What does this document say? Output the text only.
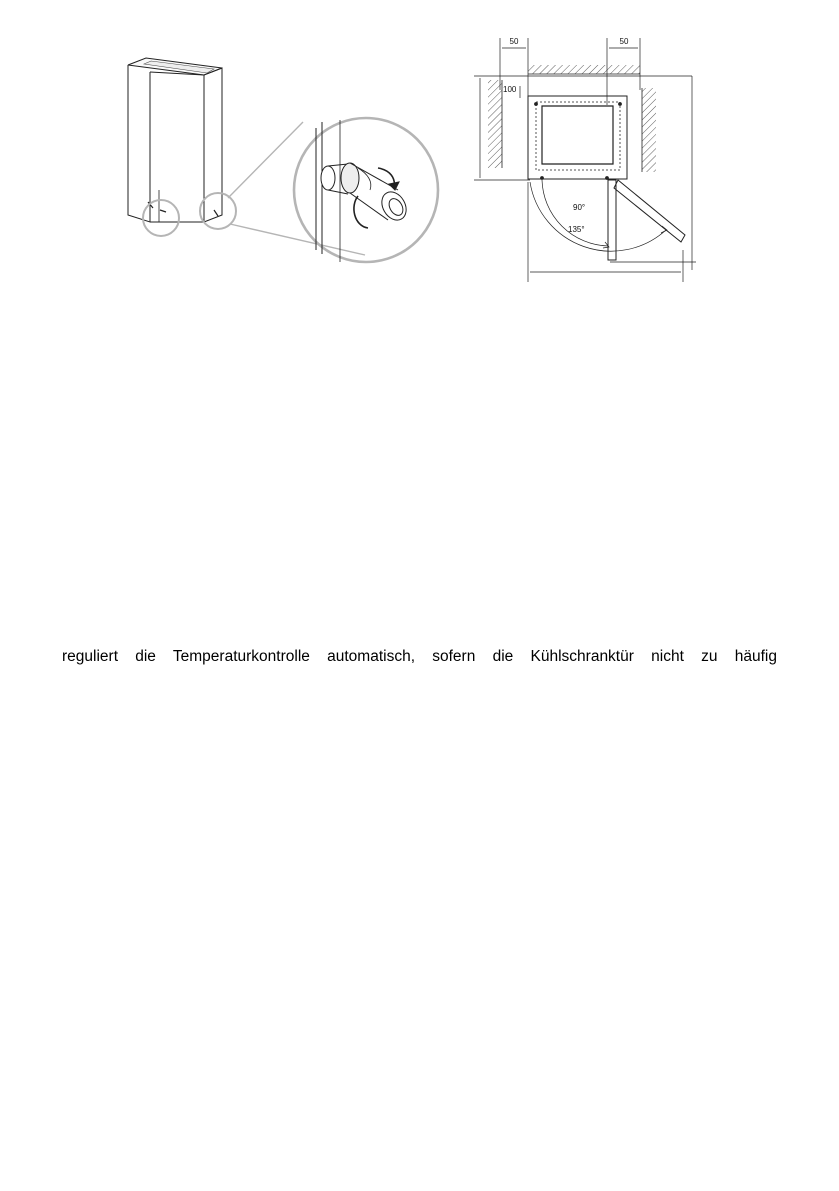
50	50
100
90°
135°
reguliert die Temperaturkontrolle automatisch, sofern die Kühlschranktür nicht zu häufig
